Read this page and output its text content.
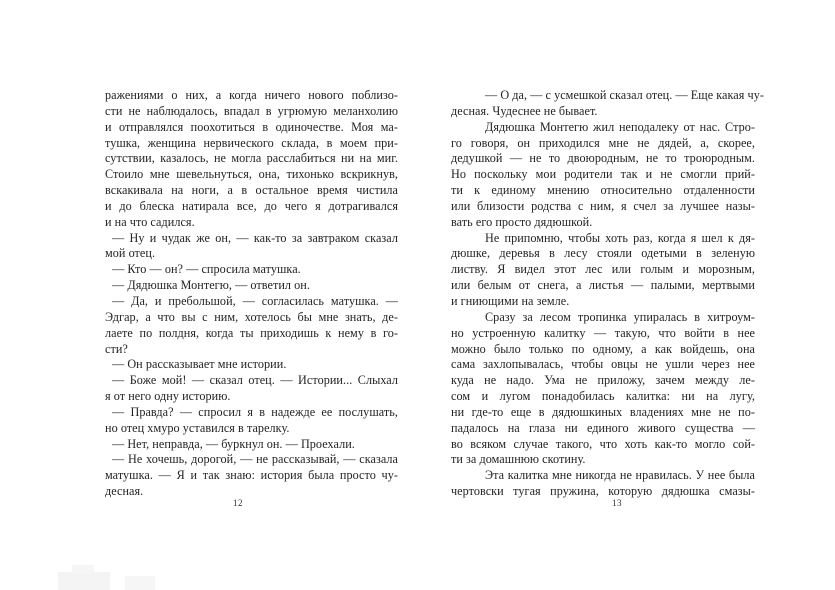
ражениями о них, а когда ничего нового поблизо-
сти не наблюдалось, впадал в угрюмую меланхолию
и отправлялся поохотиться в одиночестве. Моя ма-
тушка, женщина нервического склада, в моем при-
сутствии, казалось, не могла расслабиться ни на миг.
Стоило мне шевельнуться, она, тихонько вскрикнув,
вскакивала на ноги, а в остальное время чистила
и до блеска натирала все, до чего я дотрагивался
и на что садился.
— Ну и чудак же он, — как-то за завтраком сказал
мой отец.
— Кто — он? — спросила матушка.
— Дядюшка Монтегю, — ответил он.
— Да, и пребольшой, — согласилась матушка. —
Эдгар, а что вы с ним, хотелось бы мне знать, де-
лаете по полдня, когда ты приходишь к нему в го-
сти?
— Он рассказывает мне истории.
— Боже мой! — сказал отец. — Истории... Слыхал
я от него одну историю.
— Правда? — спросил я в надежде ее послушать,
но отец хмуро уставился в тарелку.
— Нет, неправда, — буркнул он. — Проехали.
— Не хочешь, дорогой, — не рассказывай, — сказала
матушка. — Я и так знаю: история была просто чу-
десная.
— О да, — с усмешкой сказал отец. — Еще какая чу-
десная. Чудеснее не бывает.
Дядюшка Монтегю жил неподалеку от нас. Стро-
го говоря, он приходился мне не дядей, а, скорее,
дедушкой — не то двоюродным, не то троюродным.
Но поскольку мои родители так и не смогли прий-
ти к единому мнению относительно отдаленности
или близости родства с ним, я счел за лучшее назы-
вать его просто дядюшкой.
Не припомню, чтобы хоть раз, когда я шел к дя-
дюшке, деревья в лесу стояли одетыми в зеленую
листву. Я видел этот лес или голым и морозным,
или белым от снега, а листья — палыми, мертвыми
и гниющими на земле.
Сразу за лесом тропинка упиралась в хитроум-
но устроенную калитку — такую, что войти в нее
можно было только по одному, а как войдешь, она
сама захлопывалась, чтобы овцы не ушли через нее
куда не надо. Ума не приложу, зачем между ле-
сом и лугом понадобилась калитка: ни на лугу,
ни где-то еще в дядюшкиных владениях мне не по-
падалось на глаза ни единого живого существа —
во всяком случае такого, что хоть как-то могло сой-
ти за домашнюю скотину.
Эта калитка мне никогда не нравилась. У нее была
чертовски тугая пружина, которую дядюшка смазы-
12	13
